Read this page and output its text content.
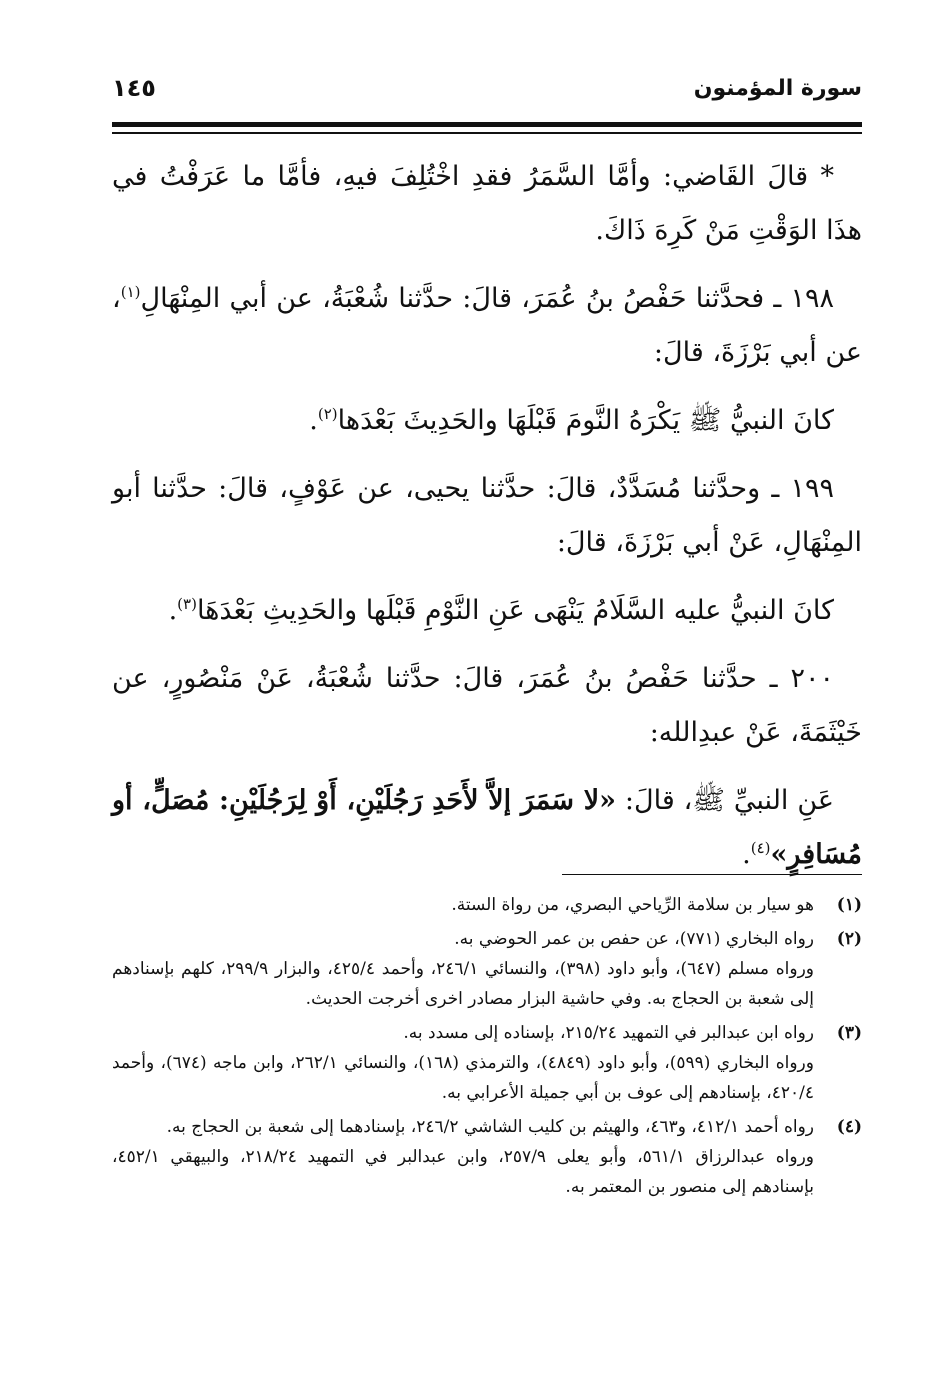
سورة المؤمنون
١٤٥

* قالَ القَاضي: وأمَّا السَّمَرُ فقدِ اخْتُلِفَ فيهِ، فأمَّا ما عَرَفْتُ في هذَا الوَقْتِ مَنْ كَرِهَ ذَاكَ.

١٩٨ ـ فحدَّثنا حَفْصُ بنُ عُمَرَ، قالَ: حدَّثنا شُعْبَةُ، عن أبي المِنْهَالِ$^{(١)}$، عن أبي بَرْزَةَ، قالَ:

كانَ النبيُّ ﷺ يَكْرَهُ النَّومَ قَبْلَهَا والحَدِيثَ بَعْدَها$^{(٢)}$.

١٩٩ ـ وحدَّثنا مُسَدَّدٌ، قالَ: حدَّثنا يحيى، عن عَوْفٍ، قالَ: حدَّثنا أبو المِنْهَالِ، عَنْ أبي بَرْزَةَ، قالَ:

كانَ النبيُّ عليه السَّلَامُ يَنْهَى عَنِ النَّوْمِ قَبْلَها والحَدِيثِ بَعْدَهَا$^{(٣)}$.

٢٠٠ ـ حدَّثنا حَفْصُ بنُ عُمَرَ، قالَ: حدَّثنا شُعْبَةُ، عَنْ مَنْصُورٍ، عن خَيْثَمَةَ، عَنْ عبدِالله:

عَنِ النبيِّ ﷺ، قالَ: «لا سَمَرَ إلاَّ لأَحَدِ رَجُلَيْنِ، أَوْ لِرَجُلَيْنِ: مُصَلٍّ، أو مُسَافِرٍ»$^{(٤)}$.

(١)
هو سيار بن سلامة الرِّياحي البصري، من رواة الستة.
(٢)
رواه البخاري (٧٧١)، عن حفص بن عمر الحوضي به.
ورواه مسلم (٦٤٧)، وأبو داود (٣٩٨)، والنسائي ٢٤٦/١، وأحمد ٤٢٥/٤، والبزار ٢٩٩/٩، كلهم بإسنادهم إلى شعبة بن الحجاج به. وفي حاشية البزار مصادر اخرى أخرجت الحديث.
(٣)
رواه ابن عبدالبر في التمهيد ٢١٥/٢٤، بإسناده إلى مسدد به.
ورواه البخاري (٥٩٩)، وأبو داود (٤٨٤٩)، والترمذي (١٦٨)، والنسائي ٢٦٢/١، وابن ماجه (٦٧٤)، وأحمد ٤٢٠/٤، بإسنادهم إلى عوف بن أبي جميلة الأعرابي به.
(٤)
رواه أحمد ٤١٢/١، و٤٦٣، والهيثم بن كليب الشاشي ٢٤٦/٢، بإسنادهما إلى شعبة بن الحجاج به.
ورواه عبدالرزاق ٥٦١/١، وأبو يعلى ٢٥٧/٩، وابن عبدالبر في التمهيد ٢١٨/٢٤، والبيهقي ٤٥٢/١، بإسنادهم إلى منصور بن المعتمر به.
